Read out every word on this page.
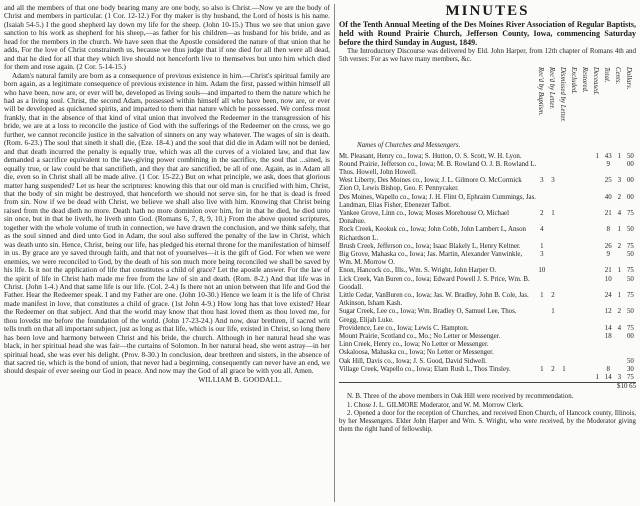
and all the members of that one body bearing many are one body, so also is Christ.—Now ye are the body of Christ and members in particular. (1 Cor. 12-12.) For thy maker is thy husband, the Lord of hosts is his name. (Isaiah 54-5.) I the good shepherd lay down my life for the sheep. (John 10-15.) Thus we see that union gave sanction to his work as shepherd for his sheep,—as father for his children—as husband for his bride, and as head for the members in the church. We have seen that the Apostle considered the nature of that union that he adds, For the love of Christ constraineth us, because we thus judge that if one died for all then were all dead, and that he died for all that they which live should not henceforth live to themselves but unto him which died for them and rose again. (2 Cor. 5-14-15.)

Adam's natural family are born as a consequence of previous existence in him.—Christ's spiritual family are born again, as a legitimate consequence of previous existence in him. Adam the first, passed within himself all who have been, now are, or ever will be, developed as living souls—and imparted to them the nature which he had as a living soul. Christ, the second Adam, possessed within himself all who have been, now are, or ever will be developed as quickened spirits, and imparted to them that nature which he possessed. We confess most frankly, that in the absence of that kind of vital union that involved the Redeemer in the transgression of his bride, we are at a loss to reconcile the justice of God with the sufferings of the Redeemer on the cross, we go further, we cannot reconcile justice in the salvation of sinners on any way whatever. The wages of sin is death. (Rom. 6-23.) The soul that sineth it shall die, (Eze. 18-4.) and the soul that did die in Adam will not be denied, and that death incurred the penalty is equally true, which was all the curves of a violated law, and that law demanded a sacrifice equivalent to the law-giving power combining in the sacrifice, the soul that ...sined, is equally true, or law could be that sanctifieth, and they that are sanctified, be all of one. Again, as in Adam all die, even so in Christ shall all be made alive. (1 Cor. 15-22.) But on what principle, we ask, does that glorious matter hang suspended? Let us hear the scriptures: knowing this that our old man is crucified with him, Christ, that the body of sin might be destroyed, that henceforth we should not serve sin, for he that is dead is freed from sin. Now if we be dead with Christ, we believe we shall also live with him. Knowing that Christ being raised from the dead dieth no more. Death hath no more dominion over him, for in that he died, he died unto sin once, but in that he liveth, he liveth unto God. (Romans 6, 7, 8, 9, 10.) From the above quoted scriptures, together with the whole volume of truth in connection, we have drawn the conclusion, and we think safely, that as the soul sinned and died unto God in Adam, the soul also suffered the penalty of the law in Christ, which was death unto sin. Hence, Christ, being our life, has pledged his eternal throne for the manifestation of himself in us. By grace are ye saved through faith, and that not of yourselves—it is the gift of God. For when we were enemies, we were reconciled to God, by the death of his son much more being reconciled we shall be saved by his life. Is it not the application of life that constitutes a child of grace? Let the apostle answer. For the law of the spirit of life in Christ hath made me free from the law of sin and death. (Rom. 8-2.) And that life was in Christ. (John 1-4.) And that same life is our life. (Col. 2-4.) Is there not an union between that life and God the Father. Hear the Redeemer speak. I and my Father are one. (John 10-30.) Hence we learn it is the life of Christ made manifest in love, that constitutes a child of grace. (1st John 4-9.) How long has that love existed? Hear the Redeemer on that subject. And that the world may know that thou hast loved them as thou loved me, for thou lovedst me before the foundation of the world. (John 17-23-24.) And now, dear brethren, if sacred writ tells truth on that all important subject, just as long as that life, which is our life, existed in Christ, so long there has been love and harmony between Christ and his bride, the church. Although in her natural head she was black, in her spiritual head she was fair—the curtains of Solomon. In her natural head, she went astray—in her spiritual head, she was ever his delight. (Prov. 8-30.) In conclusion, dear brethren and sisters, in the absence of that sacred tie, which is the bond of union, that never had a beginning, consequently can never have an end, we should despair of ever seeing our God in peace. And now may the God of all grace be with you all. Amen.

WILLIAM B. GOODALL.

MINUTES

Of the Tenth Annual Meeting of the Des Moines River Association of Regular Baptists, held with Round Prairie Church, Jefferson County, Iowa, commencing Saturday before the third Sunday in August, 1849.

The Introductory Discourse was delivered by Eld. John Harper, from 12th chapter of Romans 4th and 5th verses: For as we have many members, &c.

Names of Churches and Messengers.
Rec'd by Baptism. Rec'd by Letter. Dismissed by Letter. Excluded. Restored. Deceased. Total. Cents. Dollars.
Mt. Pleasant, Henry co., Iowa; S. Hutton, O. S. Scott, W. H. Lyon.						1	43	1	50
Round Prairie, Jefferson co., Iowa; M. B. Rowland O. J. B. Rowland L. Thos. Howell, John Howell.							9		00
West Liberty, Des Moines co., Iowa; J. L. Gilmore O. McCormick Zion O, Lewis Bishop, Geo. F. Pennycaker.	3	3					25	3	00
Des Moines, Wapello co., Iowa; J. H. Flint O, Ephraim Cummings, Jas. Landman, Elias Fisher, Ebenezer Talbot.							40	2	00
Yankee Grove, Linn co., Iowa; Moses Morehouse O, Michael Donahue.	2	1					21	4	75
Rock Creek, Keokuk co., Iowa; John Cobb, John Lambert L, Anson Richardson L.	4						8	1	50
Brush Creek, Jefferson co., Iowa; Isaac Blakely L, Henry Keltner.	1						26	2	75
Big Grove, Mahaska co., Iowa; Jas. Martin, Alexander Vanwinkle, Wm. M. Morrow O.	3						9		50
Enon, Hancock co., Ills., Wm. S. Wright, John Harper O.	10						21	1	75
Lick Creek, Van Buren co., Iowa; Edward Powell J. S. Price, Wm. B. Goodall.							10		50
Little Cedar, VanBuren co., Iowa; Jas. W. Bradley, John B. Cole, Jas. Atkinson, Isham Kash.	1	2					24	1	75
Sugar Creek, Lee co., Iowa; Wm. Bradley O, Samuel Lee, Thos. Gregg, Elijah Luke.		1					12	2	50
Providence, Lee co., Iowa; Lewis C. Hampton.							14	4	75
Mount Prairie, Scotland co., Mo.; No Letter or Messenger.							18		00
Linn Creek, Henry co., Iowa; No Letter or Messenger.									
Oskaloosa, Mahaska co., Iowa; No Letter or Messenger.									
Oak Hill, Davis co., Iowa; J. S. Good, David Sidwell.									50
Village Creek, Wapello co., Iowa; Elam Rush L, Thos Tinsley.	1	2	1				8		30
						1	14	3	75
	$10 65								

N. B. Three of the above members in Oak Hill were received by recommendation.

1. Chose J. L. GILMORE Moderator, and W. M. Morrow Clerk.

2. Opened a door for the reception of Churches, and received Enon Church, of Hancock county, Illinois, by her Messengers. Elder John Harper and Wm. S. Wright, who were received, by the Moderator giving them the right hand of fellowship.
